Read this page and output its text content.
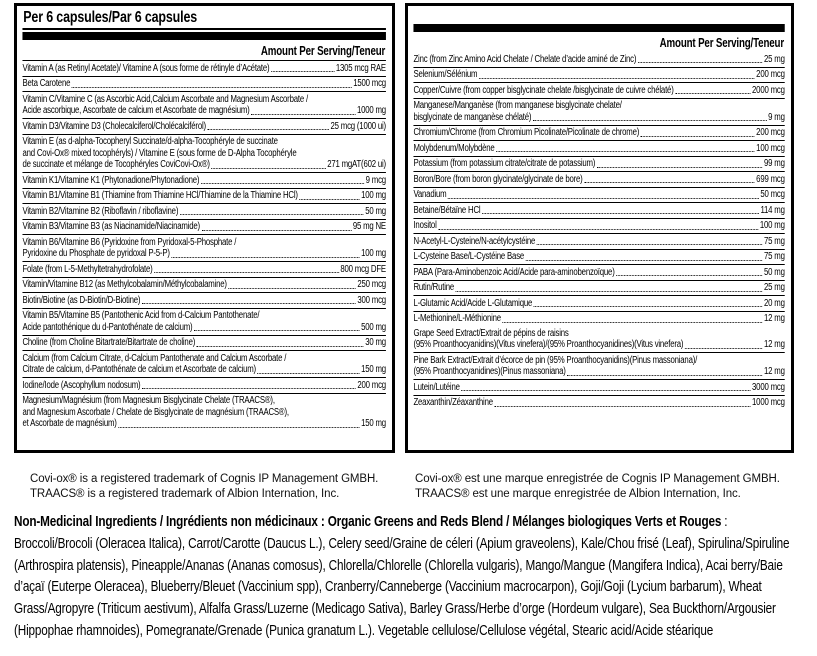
Per 6 capsules/Par 6 capsules
Amount Per Serving/Teneur
Vitamin A (as Retinyl Acetate)/ Vitamine A (sous forme de rétinyle d’Acétate)	1305 mcg RAE
Beta Carotene	1500 mcg
Vitamin C/Vitamine C (as Ascorbic Acid,Calcium Ascorbate and Magnesium Ascorbate /
Acide ascorbique, Ascorbate de calcium et Ascorbate de magnésium)	1000 mg
Vitamin D3/Vitamine D3 (Cholecalciferol/Cholécalciférol)	25 mcg (1000 ui)
Vitamin E (as d-alpha-Tocopheryl Succinate/d-alpha-Tocophéryle de succinate
and Covi-Ox® mixed tocophéryls) / Vitamine E (sous forme de D-Alpha Tocophéryle
de succinate et mélange de Tocophéryles CoviCovi-Ox®)	271 mgAT(602 ui)
Vitamin K1/Vitamine K1 (Phytonadione/Phytonadione)	9 mcg
Vitamin B1/Vitamine B1 (Thiamine from Thiamine HCl/Thiamine de la Thiamine HCl)	100 mg
Vitamin B2/Vitamine B2 (Riboflavin / riboflavine)	50 mg
Vitamin B3/Vitamine B3 (as Niacinamide/Niacinamide)	95 mg NE
Vitamin B6/Vitamine B6 (Pyridoxine from Pyridoxal-5-Phosphate /
Pyridoxine du Phosphate de pyridoxal P-5-P)	100 mg
Folate (from L-5-Methyltetrahydrofolate)	800 mcg DFE
Vitamin/Vitamine B12 (as Methylcobalamin/Méthylcobalamine)	250 mcg
Biotin/Biotine (as D-Biotin/D-Biotine)	300 mcg
Vitamin B5/Vitamine B5 (Pantothenic Acid from d-Calcium Pantothenate/
Acide pantothénique du d-Pantothénate de calcium)	500 mg
Choline (from Choline Bitartrate/Bitartrate de choline)	30 mg
Calcium (from Calcium Citrate, d-Calcium Pantothenate and Calcium Ascorbate /
Citrate de calcium, d-Pantothénate de calcium et Ascorbate de calcium)	150 mg
Iodine/Iode (Ascophyllum nodosum)	200 mcg
Magnesium/Magnésium (from Magnesium Bisglycinate Chelate (TRAACS®),
and Magnesium Ascorbate / Chelate de Bisglycinate de magnésium (TRAACS®),
et Ascorbate de magnésium)	150 mg
Amount Per Serving/Teneur
Zinc (from Zinc Amino Acid Chelate / Chelate d’acide aminé de Zinc)	25 mg
Selenium/Sélénium	200 mcg
Copper/Cuivre (from copper bisglycinate chelate /bisglycinate de cuivre chélaté)	2000 mcg
Manganese/Manganèse (from manganese bisglycinate chelate/
bisglycinate de manganèse chélaté)	9 mg
Chromium/Chrome (from Chromium Picolinate/Picolinate de chrome)	200 mcg
Molybdenum/Molybdène	100 mcg
Potassium (from potassium citrate/citrate de potassium)	99 mg
Boron/Bore (from boron glycinate/glycinate de bore)	699 mcg
Vanadium	50 mcg
Betaine/Bétaïne HCl	114 mg
Inositol	100 mg
N-Acetyl-L-Cysteine/N-acétylcystéine	75 mg
L-Cysteine Base/L-Cystéine Base	75 mg
PABA (Para-Aminobenzoic Acid/Acide para-aminobenzoïque)	50 mg
Rutin/Rutine	25 mg
L-Glutamic Acid/Acide L-Glutamique	20 mg
L-Methionine/L-Méthionine	12 mg
Grape Seed Extract/Extrait de pépins de raisins
(95% Proanthocyanidins)(Vitus vinefera)/(95% Proanthocyanidines)(Vitus vinefera)	12 mg
Pine Bark Extract/Extrait d’écorce de pin (95% Proanthocyanidins)(Pinus massoniana)/
(95% Proanthocyanidines)(Pinus massoniana)	12 mg
Lutein/Lutéine	3000 mcg
Zeaxanthin/Zéaxanthine	1000 mcg
Covi-ox® is a registered trademark of Cognis IP Management GMBH.
TRAACS® is a registered trademark of Albion Internation, Inc.
Covi-ox® est une marque enregistrée de Cognis IP Management GMBH.
TRAACS® est une marque enregistrée de Albion Internation, Inc.
Non-Medicinal Ingredients / Ingrédients non médicinaux : Organic Greens and Reds Blend / Mélanges biologiques Verts et Rouges : Broccoli/Brocoli (Oleracea Italica), Carrot/Carotte (Daucus L.), Celery seed/Graine de céleri (Apium graveolens), Kale/Chou frisé (Leaf), Spirulina/Spiruline (Arthrospira platensis), Pineapple/Ananas (Ananas comosus), Chlorella/Chlorelle (Chlorella vulgaris), Mango/Mangue (Mangifera Indica), Acai berry/Baie d’açaï (Euterpe Oleracea), Blueberry/Bleuet (Vaccinium spp), Cranberry/Canneberge (Vaccinium macrocarpon), Goji/Goji (Lycium barbarum), Wheat Grass/Agropyre (Triticum aestivum), Alfalfa Grass/Luzerne (Medicago Sativa), Barley Grass/Herbe d’orge (Hordeum vulgare), Sea Buckthorn/Argousier (Hippophae rhamnoides), Pomegranate/Grenade (Punica granatum L.). Vegetable cellulose/Cellulose végétal, Stearic acid/Acide stéarique
